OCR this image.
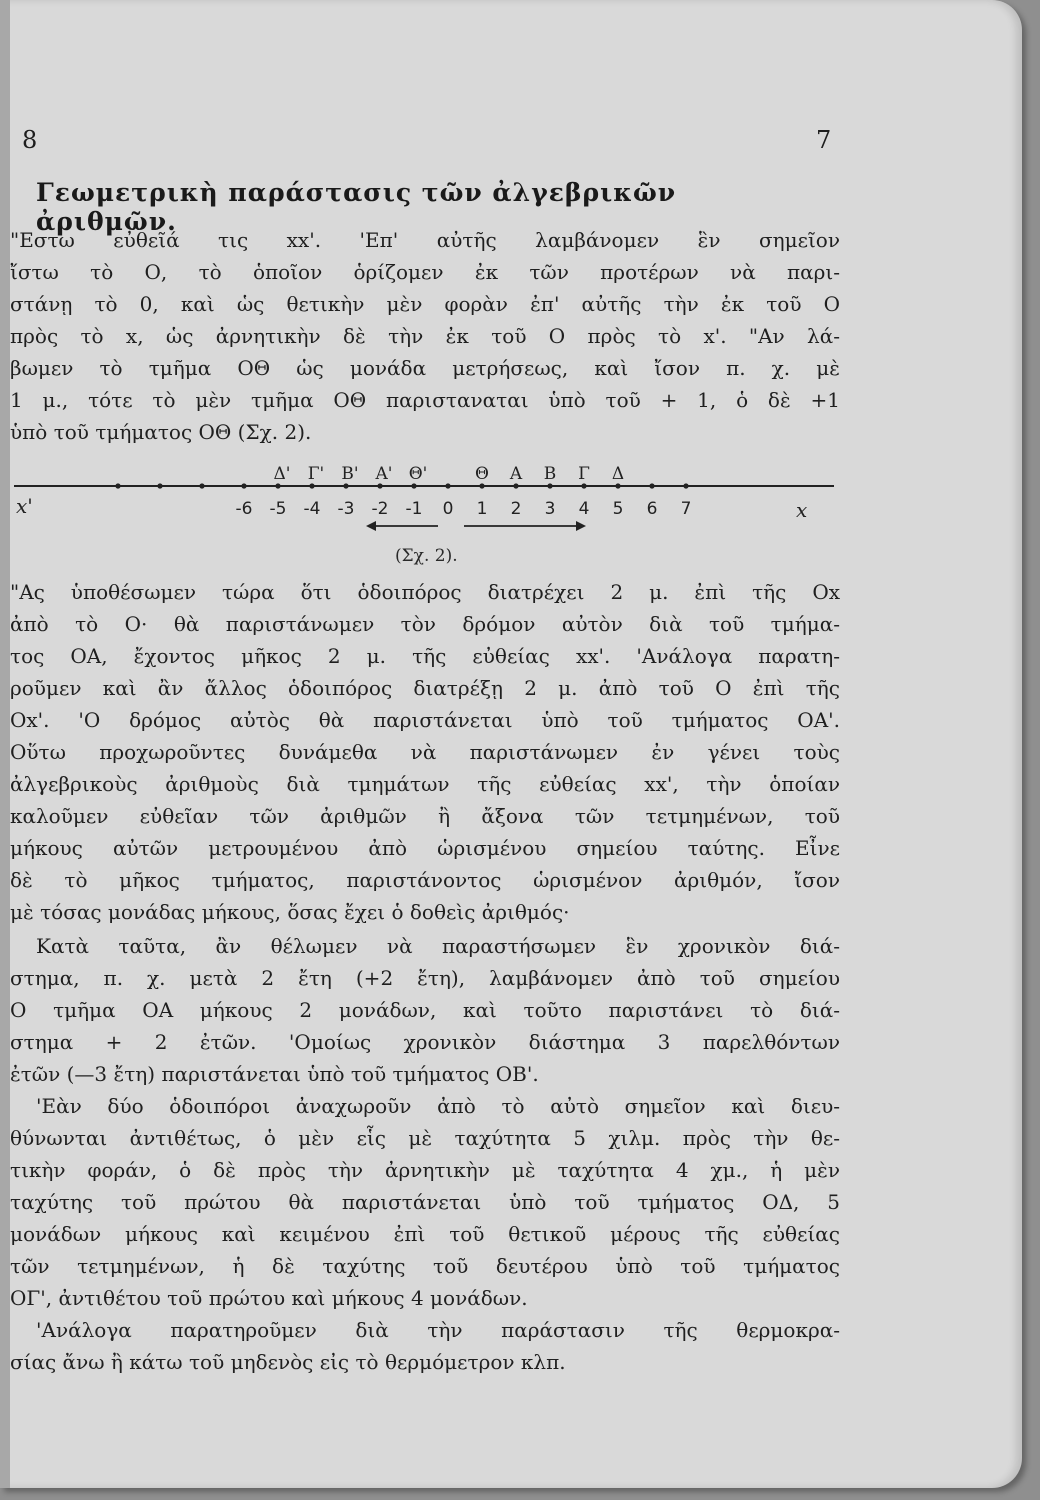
8	7
Γεωμετρικὴ παράστασις τῶν ἀλγεβρικῶν ἀριθμῶν.
"Εστω εὐθεῖά τις xx'. 'Επ' αὐτῆς λαμβάνομεν ἓν σημεῖον
ἴστω τὸ Ο, τὸ ὁποῖον ὁρίζομεν ἐκ τῶν προτέρων νὰ παρι-
στάνῃ τὸ 0, καὶ ὡς θετικὴν μὲν φορὰν ἐπ' αὐτῆς τὴν ἐκ τοῦ Ο
πρὸς τὸ x, ὡς ἀρνητικὴν δὲ τὴν ἐκ τοῦ Ο πρὸς τὸ x'. "Αν λά-
βωμεν τὸ τμῆμα ΟΘ ὡς μονάδα μετρήσεως, καὶ ἴσον π. χ. μὲ
1 μ., τότε τὸ μὲν τμῆμα ΟΘ παρισταναται ὑπὸ τοῦ + 1, ὁ δὲ +1
ὑπὸ τοῦ τμήματος ΟΘ (Σχ. 2).
-6 -5 -4 -3 -2 -1 0 1 2 3 4 5 6 7
Δ' Γ' Β' Α' Θ'	Θ Α Β Γ Δ
x'	x
(Σχ. 2).
"Ας ὑποθέσωμεν τώρα ὅτι ὁδοιπόρος διατρέχει 2 μ. ἐπὶ τῆς Οx
ἀπὸ τὸ Ο· θὰ παριστάνωμεν τὸν δρόμον αὐτὸν διὰ τοῦ τμήμα-
τος ΟΑ, ἔχοντος μῆκος 2 μ. τῆς εὐθείας xx'. 'Ανάλογα παρατη-
ροῦμεν καὶ ἂν ἄλλος ὁδοιπόρος διατρέξῃ 2 μ. ἀπὸ τοῦ Ο ἐπὶ τῆς
Οx'. 'Ο δρόμος αὐτὸς θὰ παριστάνεται ὑπὸ τοῦ τμήματος ΟΑ'.
Οὕτω προχωροῦντες δυνάμεθα νὰ παριστάνωμεν ἐν γένει τοὺς
ἀλγεβρικοὺς ἀριθμοὺς διὰ τμημάτων τῆς εὐθείας xx', τὴν ὁποίαν
καλοῦμεν εὐθεῖαν τῶν ἀριθμῶν ἢ ἄξονα τῶν τετμημένων, τοῦ
μήκους αὐτῶν μετρουμένου ἀπὸ ὡρισμένου σημείου ταύτης. Εἶνε
δὲ τὸ μῆκος τμήματος, παριστάνοντος ὡρισμένον ἀριθμόν, ἴσον
μὲ τόσας μονάδας μήκους, ὅσας ἔχει ὁ δοθεὶς ἀριθμός·
Κατὰ ταῦτα, ἂν θέλωμεν νὰ παραστήσωμεν ἓν χρονικὸν διά-
στημα, π. χ. μετὰ 2 ἔτη (+2 ἔτη), λαμβάνομεν ἀπὸ τοῦ σημείου
Ο τμῆμα ΟΑ μήκους 2 μονάδων, καὶ τοῦτο παριστάνει τὸ διά-
στημα + 2 ἐτῶν. 'Ομοίως χρονικὸν διάστημα 3 παρελθόντων
ἐτῶν (—3 ἔτη) παριστάνεται ὑπὸ τοῦ τμήματος ΟΒ'.
'Εὰν δύο ὁδοιπόροι ἀναχωροῦν ἀπὸ τὸ αὐτὸ σημεῖον καὶ διευ-
θύνωνται ἀντιθέτως, ὁ μὲν εἷς μὲ ταχύτητα 5 χιλμ. πρὸς τὴν θε-
τικὴν φοράν, ὁ δὲ πρὸς τὴν ἀρνητικὴν μὲ ταχύτητα 4 χμ., ἡ μὲν
ταχύτης τοῦ πρώτου θὰ παριστάνεται ὑπὸ τοῦ τμήματος ΟΔ, 5
μονάδων μήκους καὶ κειμένου ἐπὶ τοῦ θετικοῦ μέρους τῆς εὐθείας
τῶν τετμημένων, ἡ δὲ ταχύτης τοῦ δευτέρου ὑπὸ τοῦ τμήματος
ΟΓ', ἀντιθέτου τοῦ πρώτου καὶ μήκους 4 μονάδων.
'Ανάλογα παρατηροῦμεν διὰ τὴν παράστασιν τῆς θερμοκρα-
σίας ἄνω ἢ κάτω τοῦ μηδενὸς εἰς τὸ θερμόμετρον κλπ.
